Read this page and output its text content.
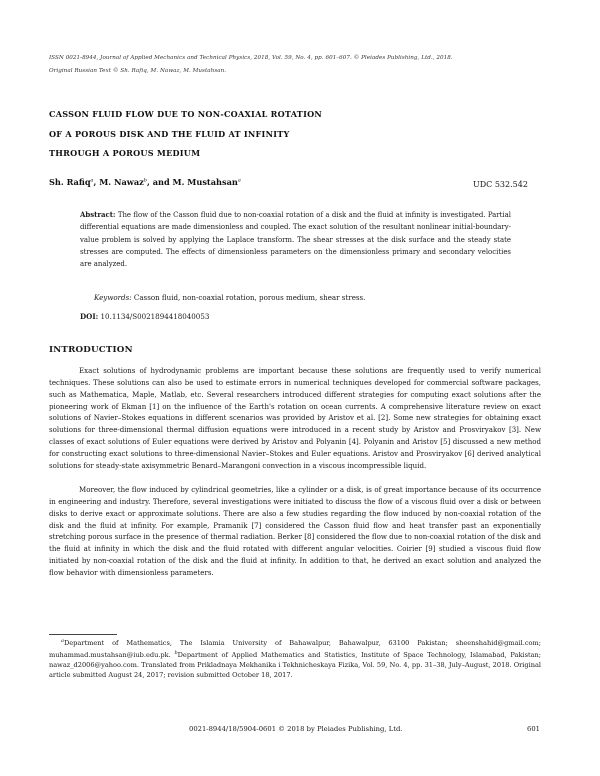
ISSN 0021-8944, Journal of Applied Mechanics and Technical Physics, 2018, Vol. 59, No. 4, pp. 601–607. © Pleiades Publishing, Ltd., 2018.
Original Russian Text © Sh. Rafiq, M. Nawaz, M. Mustahsan.
CASSON FLUID FLOW DUE TO NON-COAXIAL ROTATION
OF A POROUS DISK AND THE FLUID AT INFINITY
THROUGH A POROUS MEDIUM
Sh. Rafiq$^a$, M. Nawaz$^b$, and M. Mustahsan$^a$	UDC 532.542
Abstract: The flow of the Casson fluid due to non-coaxial rotation of a disk and the fluid at infinity is investigated. Partial differential equations are made dimensionless and coupled. The exact solution of the resultant nonlinear initial-boundary-value problem is solved by applying the Laplace transform. The shear stresses at the disk surface and the steady state stresses are computed. The effects of dimensionless parameters on the dimensionless primary and secondary velocities are analyzed.
Keywords: Casson fluid, non-coaxial rotation, porous medium, shear stress.
DOI: 10.1134/S0021894418040053
INTRODUCTION

Exact solutions of hydrodynamic problems are important because these solutions are frequently used to verify numerical techniques. These solutions can also be used to estimate errors in numerical techniques developed for commercial software packages, such as Mathematica, Maple, Matlab, etc. Several researchers introduced different strategies for computing exact solutions after the pioneering work of Ekman [1] on the influence of the Earth's rotation on ocean currents. A comprehensive literature review on exact solutions of Navier–Stokes equations in different scenarios was provided by Aristov et al. [2]. Some new strategies for obtaining exact solutions for three-dimensional thermal diffusion equations were introduced in a recent study by Aristov and Prosviryakov [3]. New classes of exact solutions of Euler equations were derived by Aristov and Polyanin [4]. Polyanin and Aristov [5] discussed a new method for constructing exact solutions to three-dimensional Navier–Stokes and Euler equations. Aristov and Prosviryakov [6] derived analytical solutions for steady-state axisymmetric Benard–Marangoni convection in a viscous incompressible liquid.

Moreover, the flow induced by cylindrical geometries, like a cylinder or a disk, is of great importance because of its occurrence in engineering and industry. Therefore, several investigations were initiated to discuss the flow of a viscous fluid over a disk or between disks to derive exact or approximate solutions. There are also a few studies regarding the flow induced by non-coaxial rotation of the disk and the fluid at infinity. For example, Pramanik [7] considered the Casson fluid flow and heat transfer past an exponentially stretching porous surface in the presence of thermal radiation. Berker [8] considered the flow due to non-coaxial rotation of the disk and the fluid at infinity in which the disk and the fluid rotated with different angular velocities. Coirier [9] studied a viscous fluid flow initiated by non-coaxial rotation of the disk and the fluid at infinity. In addition to that, he derived an exact solution and analyzed the flow behavior with dimensionless parameters.

$^a$Department of Mathematics, The Islamia University of Bahawalpur, Bahawalpur, 63100 Pakistan; sheenshahid@gmail.com; muhammad.mustahsan@iub.edu.pk. $^b$Department of Applied Mathematics and Statistics, Institute of Space Technology, Islamabad, Pakistan; nawaz_d2006@yahoo.com. Translated from Prikladnaya Mekhanika i Tekhnicheskaya Fizika, Vol. 59, No. 4, pp. 31–38, July–August, 2018. Original article submitted August 24, 2017; revision submitted October 18, 2017.
0021-8944/18/5904-0601 © 2018 by Pleiades Publishing, Ltd.	601
